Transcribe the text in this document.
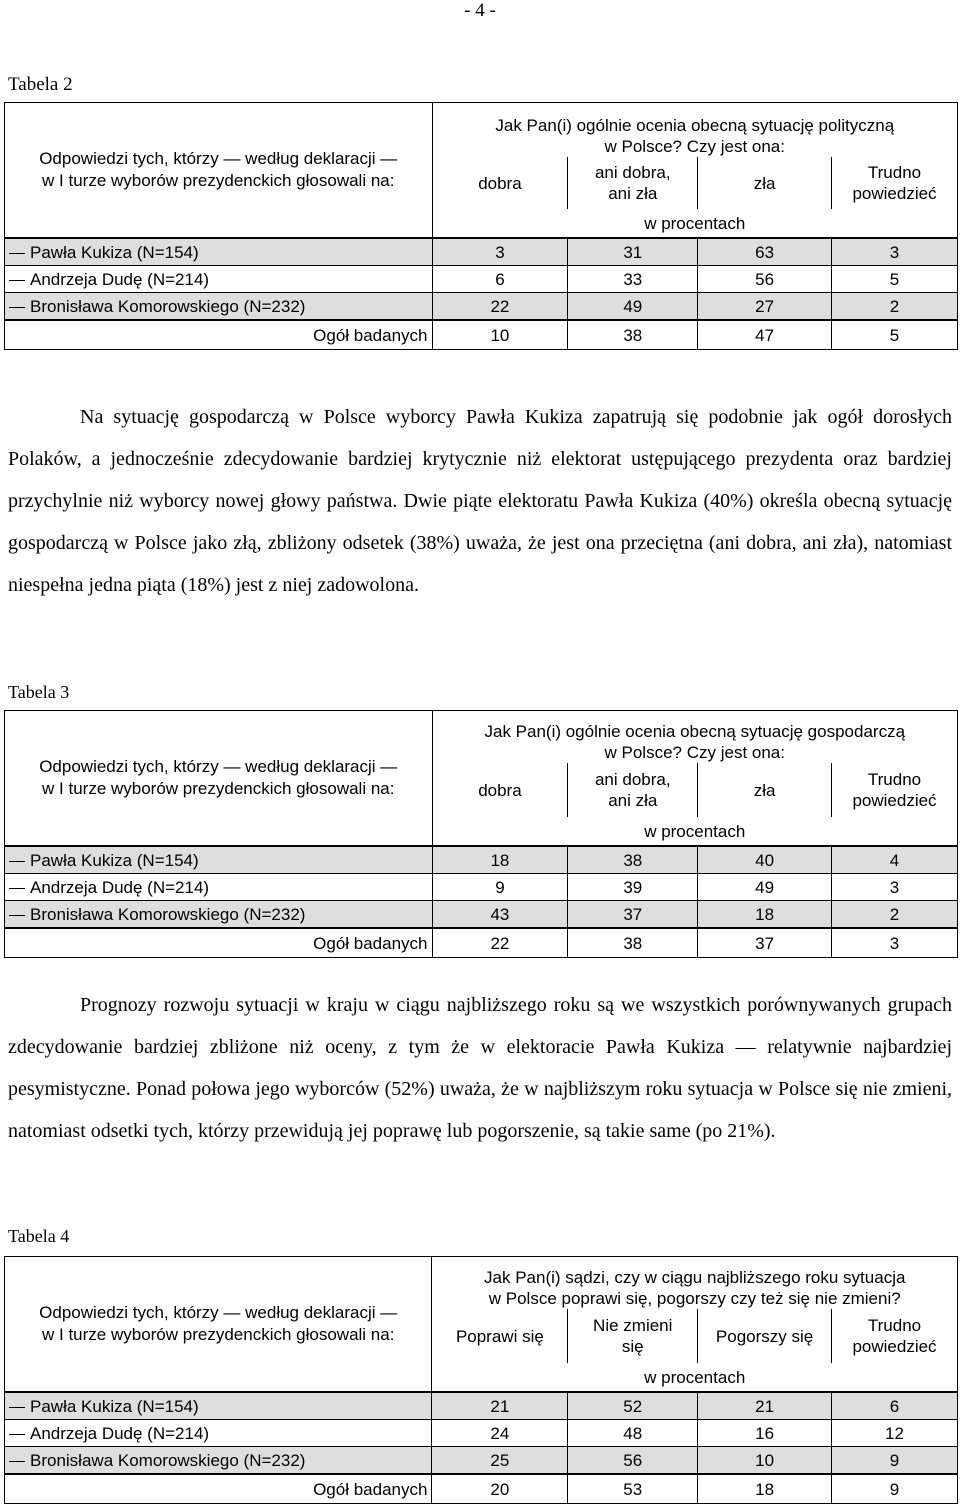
- 4 -
Tabela 2
Odpowiedzi tych, którzy — według deklaracji —
w I turze wyborów prezydenckich głosowali na:	Jak Pan(i) ogólnie ocenia obecną sytuację polityczną
w Polsce? Czy jest ona:			
	dobra	ani dobra,
ani zła	zła	Trudno
powiedzieć
	w procentach			
Pawła Kukiza (N=154)	3	31	63	3
Andrzeja Dudę (N=214)	6	33	56	5
Bronisława Komorowskiego (N=232)	22	49	27	2
Ogół badanych	10	38	47	5
Na sytuację gospodarczą w Polsce wyborcy Pawła Kukiza zapatrują się podobnie jak ogół dorosłych Polaków, a jednocześnie zdecydowanie bardziej krytycznie niż elektorat ustępującego prezydenta oraz bardziej przychylnie niż wyborcy nowej głowy państwa. Dwie piąte elektoratu Pawła Kukiza (40%) określa obecną sytuację gospodarczą w Polsce jako złą, zbliżony odsetek (38%) uważa, że jest ona przeciętna (ani dobra, ani zła), natomiast niespełna jedna piąta (18%) jest z niej zadowolona.
Tabela 3
Odpowiedzi tych, którzy — według deklaracji —
w I turze wyborów prezydenckich głosowali na:	Jak Pan(i) ogólnie ocenia obecną sytuację gospodarczą
w Polsce? Czy jest ona:			
	dobra	ani dobra,
ani zła	zła	Trudno
powiedzieć
	w procentach			
Pawła Kukiza (N=154)	18	38	40	4
Andrzeja Dudę (N=214)	9	39	49	3
Bronisława Komorowskiego (N=232)	43	37	18	2
Ogół badanych	22	38	37	3
Prognozy rozwoju sytuacji w kraju w ciągu najbliższego roku są we wszystkich porównywanych grupach zdecydowanie bardziej zbliżone niż oceny, z tym że w elektoracie Pawła Kukiza — relatywnie najbardziej pesymistyczne. Ponad połowa jego wyborców (52%) uważa, że w najbliższym roku sytuacja w Polsce się nie zmieni, natomiast odsetki tych, którzy przewidują jej poprawę lub pogorszenie, są takie same (po 21%).
Tabela 4
Odpowiedzi tych, którzy — według deklaracji —
w I turze wyborów prezydenckich głosowali na:	Jak Pan(i) sądzi, czy w ciągu najbliższego roku sytuacja
w Polsce poprawi się, pogorszy czy też się nie zmieni?			
	Poprawi się	Nie zmieni
się	Pogorszy się	Trudno
powiedzieć
	w procentach			
Pawła Kukiza (N=154)	21	52	21	6
Andrzeja Dudę (N=214)	24	48	16	12
Bronisława Komorowskiego (N=232)	25	56	10	9
Ogół badanych	20	53	18	9
